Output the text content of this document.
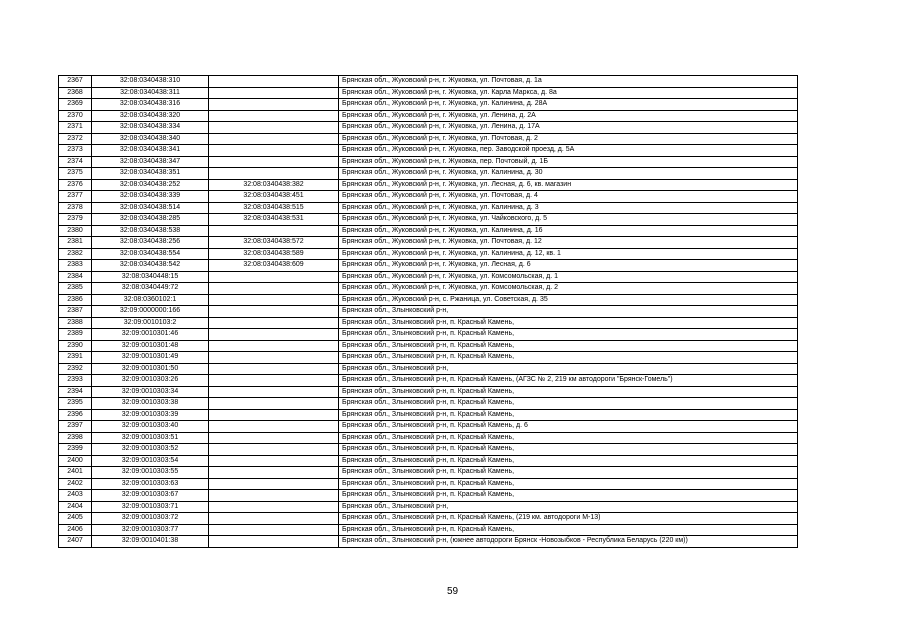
2367	32:08:0340438:310		Брянская обл., Жуковский р-н, г. Жуковка, ул. Почтовая, д. 1а
2368	32:08:0340438:311		Брянская обл., Жуковский р-н, г. Жуковка, ул. Карла Маркса, д. 8а
2369	32:08:0340438:316		Брянская обл., Жуковский р-н, г. Жуковка, ул. Калинина, д. 28А
2370	32:08:0340438:320		Брянская обл., Жуковский р-н, г. Жуковка, ул. Ленина, д. 2А
2371	32:08:0340438:334		Брянская обл., Жуковский р-н, г. Жуковка, ул. Ленина, д. 17А
2372	32:08:0340438:340		Брянская обл., Жуковский р-н, г. Жуковка, ул. Почтовая, д. 2
2373	32:08:0340438:341		Брянская обл., Жуковский р-н, г. Жуковка, пер. Заводской проезд, д. 5А
2374	32:08:0340438:347		Брянская обл., Жуковский р-н, г. Жуковка, пер. Почтовый, д. 1Б
2375	32:08:0340438:351		Брянская обл., Жуковский р-н, г. Жуковка, ул. Калинина, д. 30
2376	32:08:0340438:252	32:08:0340438:382	Брянская обл., Жуковский р-н, г. Жуковка, ул. Лесная, д. 6, кв. магазин
2377	32:08:0340438:339	32:08:0340438:451	Брянская обл., Жуковский р-н, г. Жуковка, ул. Почтовая, д. 4
2378	32:08:0340438:514	32:08:0340438:515	Брянская обл., Жуковский р-н, г. Жуковка, ул. Калинина, д. 3
2379	32:08:0340438:285	32:08:0340438:531	Брянская обл., Жуковский р-н, г. Жуковка, ул. Чайковского, д. 5
2380	32:08:0340438:538		Брянская обл., Жуковский р-н, г. Жуковка, ул. Калинина, д. 16
2381	32:08:0340438:256	32:08:0340438:572	Брянская обл., Жуковский р-н, г. Жуковка, ул. Почтовая, д. 12
2382	32:08:0340438:554	32:08:0340438:589	Брянская обл., Жуковский р-н, г. Жуковка, ул. Калинина, д. 12, кв. 1
2383	32:08:0340438:542	32:08:0340438:609	Брянская обл., Жуковский р-н, г. Жуковка, ул. Лесная, д. 6
2384	32:08:0340448:15		Брянская обл., Жуковский р-н, г. Жуковка, ул. Комсомольская, д. 1
2385	32:08:0340449:72		Брянская обл., Жуковский р-н, г. Жуковка, ул. Комсомольская, д. 2
2386	32:08:0360102:1		Брянская обл., Жуковский р-н, с. Ржаница, ул. Советская, д. 35
2387	32:09:0000000:166		Брянская обл., Злынковский р-н,
2388	32:09:0010103:2		Брянская обл., Злынковский р-н, п. Красный Камень,
2389	32:09:0010301:46		Брянская обл., Злынковский р-н, п. Красный Камень,
2390	32:09:0010301:48		Брянская обл., Злынковский р-н, п. Красный Камень,
2391	32:09:0010301:49		Брянская обл., Злынковский р-н, п. Красный Камень,
2392	32:09:0010301:50		Брянская обл., Злынковский р-н,
2393	32:09:0010303:26		Брянская обл., Злынковский р-н, п. Красный Камень, (АГЗС № 2, 219 км автодороги "Брянск-Гомель")
2394	32:09:0010303:34		Брянская обл., Злынковский р-н, п. Красный Камень,
2395	32:09:0010303:38		Брянская обл., Злынковский р-н, п. Красный Камень,
2396	32:09:0010303:39		Брянская обл., Злынковский р-н, п. Красный Камень,
2397	32:09:0010303:40		Брянская обл., Злынковский р-н, п. Красный Камень, д. 6
2398	32:09:0010303:51		Брянская обл., Злынковский р-н, п. Красный Камень,
2399	32:09:0010303:52		Брянская обл., Злынковский р-н, п. Красный Камень,
2400	32:09:0010303:54		Брянская обл., Злынковский р-н, п. Красный Камень,
2401	32:09:0010303:55		Брянская обл., Злынковский р-н, п. Красный Камень,
2402	32:09:0010303:63		Брянская обл., Злынковский р-н, п. Красный Камень,
2403	32:09:0010303:67		Брянская обл., Злынковский р-н, п. Красный Камень,
2404	32:09:0010303:71		Брянская обл., Злынковский р-н,
2405	32:09:0010303:72		Брянская обл., Злынковский р-н, п. Красный Камень, (219 км. автодороги М-13)
2406	32:09:0010303:77		Брянская обл., Злынковский р-н, п. Красный Камень,
2407	32:09:0010401:38		Брянская обл., Злынковский р-н, (южнее автодороги Брянск -Новозыбков - Республика Беларусь (220 км))
59
